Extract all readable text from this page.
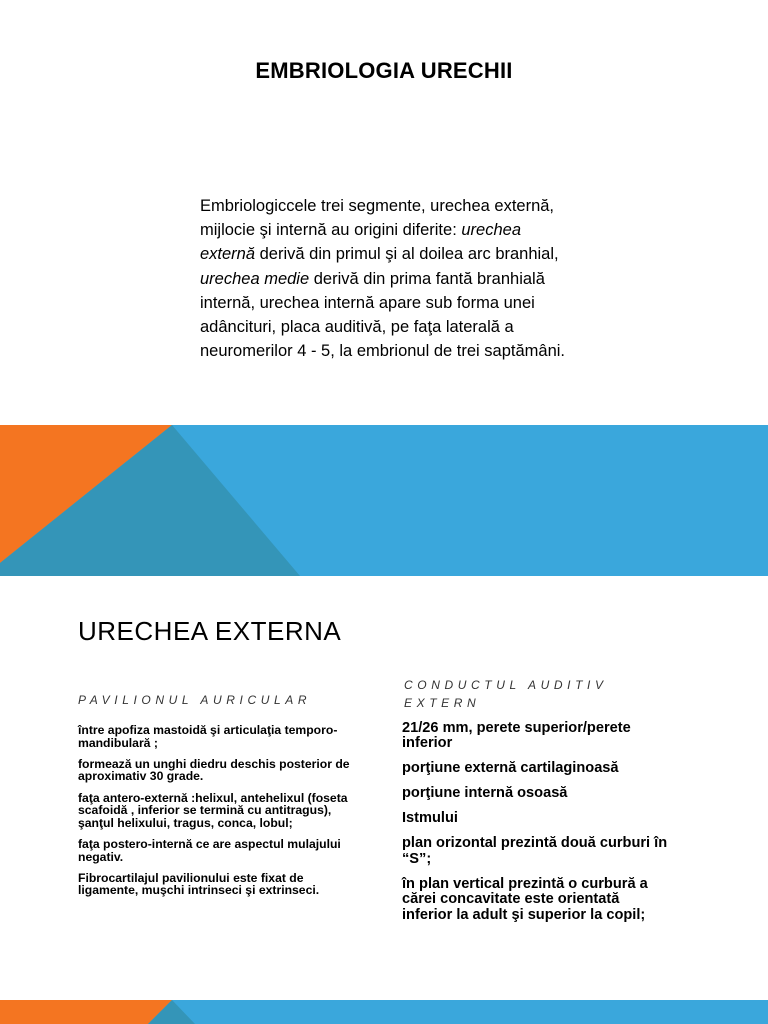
EMBRIOLOGIA URECHII

Embriologiccele trei segmente, urechea externă, mijlocie şi internă au origini diferite: urechea externă derivă din primul şi al doilea arc branhial, urechea medie derivă din prima fantă branhială internă, urechea internă apare sub forma unei adâncituri, placa auditivă, pe faţa laterală a neuromerilor 4 - 5, la embrionul de trei saptămâni.

URECHEA EXTERNA
PAVILIONUL AURICULAR
CONDUCTUL AUDITIV EXTERN

între apofiza mastoidă şi articulaţia temporo-mandibulară ;

formează un unghi diedru deschis posterior de aproximativ 30 grade.

faţa antero-externă :helixul, antehelixul (foseta scafoidă , inferior se termină cu antitragus), şanţul helixului, tragus, conca, lobul;

faţa postero-internă ce are aspectul mulajului negativ.

Fibrocartilajul pavilionului este fixat de ligamente, muşchi intrinseci şi extrinseci.

21/26 mm, perete superior/perete inferior

porţiune externă cartilaginoasă

porţiune internă osoasă

Istmului

plan orizontal prezintă două curburi în “S”;

în plan vertical prezintă o curbură a cărei concavitate este orientată inferior la adult şi superior la copil;
